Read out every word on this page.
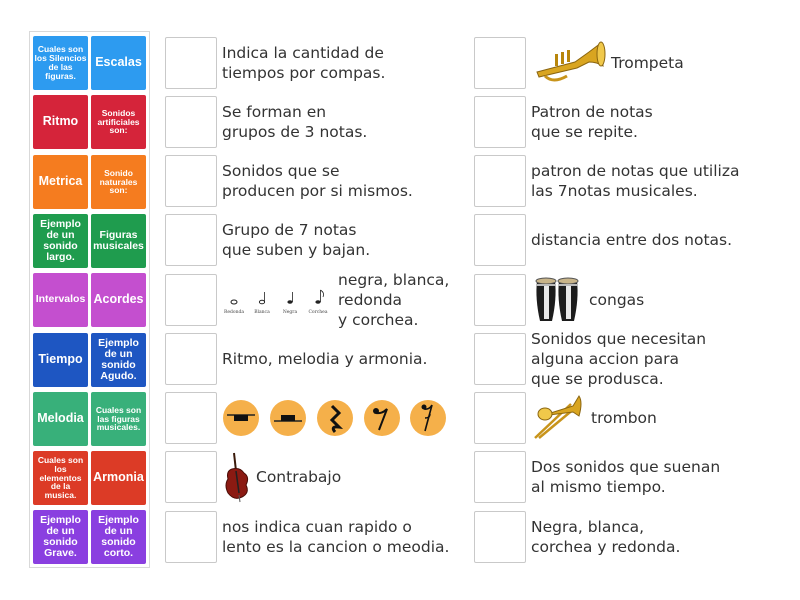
Cuales son los Silencios de las figuras.
Escalas
Ritmo
Sonidos artificiales son:
Metrica
Sonido naturales son:
Ejemplo de un sonido
largo.
Figuras musicales
Intervalos Acordes
Tiempo
Ejemplo de un sonido
Agudo.
Melodia
Cuales son las figuras musicales.
Cuales son los elementos de la musica.
Armonia
Ejemplo de un sonido
Grave.
Ejemplo de un sonido
corto.
Indica la cantidad de
tiempos por compas.
Se forman en
grupos de 3 notas.
Sonidos que se
producen por si mismos.
Grupo de 7 notas
que suben y bajan.
Redonda Blanca	Negra	Corchea
negra, blanca,
redonda
y corchea.
Ritmo, melodia y armonia.
Contrabajo
nos indica cuan rapido o
lento es la cancion o meodia.
Trompeta
Patron de notas
que se repite.
patron de notas que utiliza
las 7notas musicales.
distancia entre dos notas.
congas
Sonidos que necesitan
alguna accion para
que se produsca.
trombon
Dos sonidos que suenan
al mismo tiempo.
Negra, blanca,
corchea y redonda.
